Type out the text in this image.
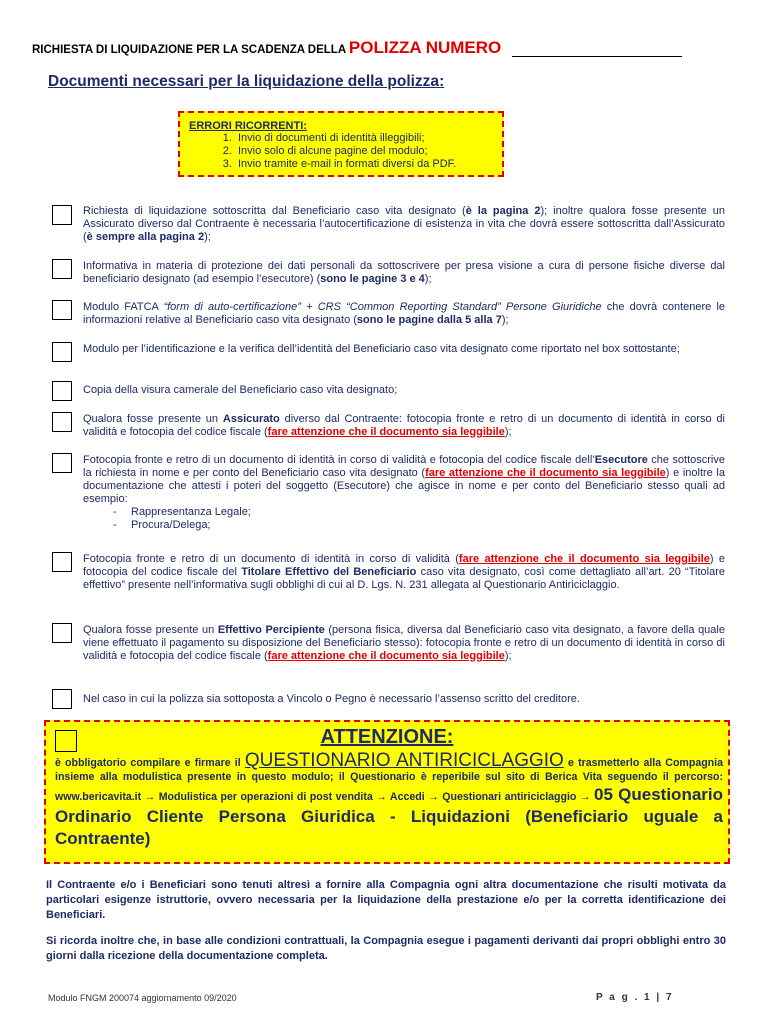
RICHIESTA DI LIQUIDAZIONE PER LA SCADENZA DELLA POLIZZA NUMERO
Documenti necessari per la liquidazione della polizza:
ERRORI RICORRENTI:
1. Invio di documenti di identità illeggibili;
2. Invio solo di alcune pagine del modulo;
3. Invio tramite e-mail in formati diversi da PDF.
Richiesta di liquidazione sottoscritta dal Beneficiario caso vita designato (è la pagina 2); inoltre qualora fosse presente un Assicurato diverso dal Contraente è necessaria l’autocertificazione di esistenza in vita che dovrà essere sottoscritta dall’Assicurato (è sempre alla pagina 2);
Informativa in materia di protezione dei dati personali da sottoscrivere per presa visione a cura di persone fisiche diverse dal beneficiario designato (ad esempio l’esecutore) (sono le pagine 3 e 4);
Modulo FATCA “form di auto-certificazione” + CRS “Common Reporting Standard” Persone Giuridiche che dovrà contenere le informazioni relative al Beneficiario caso vita designato (sono le pagine dalla 5 alla 7);
Modulo per l’identificazione e la verifica dell’identità del Beneficiario caso vita designato come riportato nel box sottostante;
Copia della visura camerale del Beneficiario caso vita designato;
Qualora fosse presente un Assicurato diverso dal Contraente: fotocopia fronte e retro di un documento di identità in corso di validità e fotocopia del codice fiscale (fare attenzione che il documento sia leggibile);
Fotocopia fronte e retro di un documento di identità in corso di validità e fotocopia del codice fiscale dell’Esecutore che sottoscrive la richiesta in nome e per conto del Beneficiario caso vita designato (fare attenzione che il documento sia leggibile) e inoltre la documentazione che attesti i poteri del soggetto (Esecutore) che agisce in nome e per conto del Beneficiario stesso quali ad esempio:
- Rappresentanza Legale;
- Procura/Delega;
Fotocopia fronte e retro di un documento di identità in corso di validità (fare attenzione che il documento sia leggibile) e fotocopia del codice fiscale del Titolare Effettivo del Beneficiario caso vita designato, così come dettagliato all’art. 20 “Titolare effettivo” presente nell’informativa sugli obblighi di cui al D. Lgs. N. 231 allegata al Questionario Antiriciclaggio.
Qualora fosse presente un Effettivo Percipiente (persona fisica, diversa dal Beneficiario caso vita designato, a favore della quale viene effettuato il pagamento su disposizione del Beneficiario stesso): fotocopia fronte e retro di un documento di identità in corso di validità e fotocopia del codice fiscale (fare attenzione che il documento sia leggibile);
Nel caso in cui la polizza sia sottoposta a Vincolo o Pegno è necessario l’assenso scritto del creditore.
ATTENZIONE:
è obbligatorio compilare e firmare il QUESTIONARIO ANTIRICICLAGGIO e trasmetterlo alla Compagnia insieme alla modulistica presente in questo modulo; il Questionario è reperibile sul sito di Berica Vita seguendo il percorso: www.bericavita.it → Modulistica per operazioni di post vendita → Accedi → Questionari antiriciclaggio → 05 Questionario Ordinario Cliente Persona Giuridica - Liquidazioni (Beneficiario uguale a Contraente)
Il Contraente e/o i Beneficiari sono tenuti altresì a fornire alla Compagnia ogni altra documentazione che risulti motivata da particolari esigenze istruttorie, ovvero necessaria per la liquidazione della prestazione e/o per la corretta identificazione dei Beneficiari.
Si ricorda inoltre che, in base alle condizioni contrattuali, la Compagnia esegue i pagamenti derivanti dai propri obblighi entro 30 giorni dalla ricezione della documentazione completa.
Modulo FNGM 200074 aggiornamento 09/2020	P a g . 1 | 7
